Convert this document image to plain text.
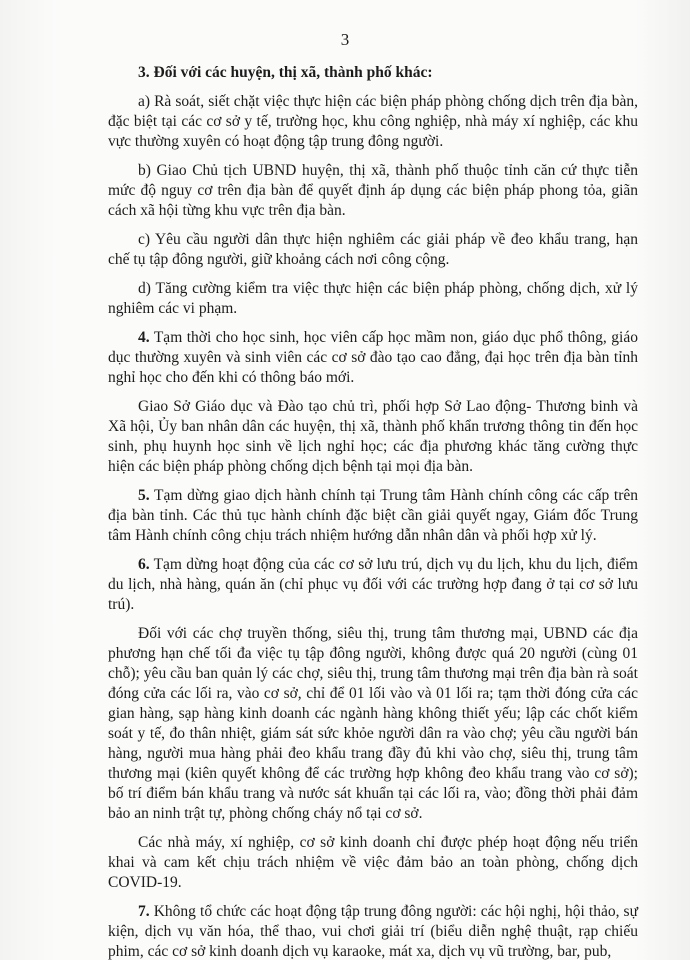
3

3. Đối với các huyện, thị xã, thành phố khác:

a) Rà soát, siết chặt việc thực hiện các biện pháp phòng chống dịch trên địa bàn, đặc biệt tại các cơ sở y tế, trường học, khu công nghiệp, nhà máy xí nghiệp, các khu vực thường xuyên có hoạt động tập trung đông người.

b) Giao Chủ tịch UBND huyện, thị xã, thành phố thuộc tỉnh căn cứ thực tiễn mức độ nguy cơ trên địa bàn để quyết định áp dụng các biện pháp phong tỏa, giãn cách xã hội từng khu vực trên địa bàn.

c) Yêu cầu người dân thực hiện nghiêm các giải pháp về đeo khẩu trang, hạn chế tụ tập đông người, giữ khoảng cách nơi công cộng.

d) Tăng cường kiểm tra việc thực hiện các biện pháp phòng, chống dịch, xử lý nghiêm các vi phạm.

4. Tạm thời cho học sinh, học viên cấp học mầm non, giáo dục phổ thông, giáo dục thường xuyên và sinh viên các cơ sở đào tạo cao đẳng, đại học trên địa bàn tỉnh nghỉ học cho đến khi có thông báo mới.

Giao Sở Giáo dục và Đào tạo chủ trì, phối hợp Sở Lao động- Thương binh và Xã hội, Ủy ban nhân dân các huyện, thị xã, thành phố khẩn trương thông tin đến học sinh, phụ huynh học sinh về lịch nghỉ học; các địa phương khác tăng cường thực hiện các biện pháp phòng chống dịch bệnh tại mọi địa bàn.

5. Tạm dừng giao dịch hành chính tại Trung tâm Hành chính công các cấp trên địa bàn tỉnh. Các thủ tục hành chính đặc biệt cần giải quyết ngay, Giám đốc Trung tâm Hành chính công chịu trách nhiệm hướng dẫn nhân dân và phối hợp xử lý.

6. Tạm dừng hoạt động của các cơ sở lưu trú, dịch vụ du lịch, khu du lịch, điểm du lịch, nhà hàng, quán ăn (chỉ phục vụ đối với các trường hợp đang ở tại cơ sở lưu trú).

Đối với các chợ truyền thống, siêu thị, trung tâm thương mại, UBND các địa phương hạn chế tối đa việc tụ tập đông người, không được quá 20 người (cùng 01 chỗ); yêu cầu ban quản lý các chợ, siêu thị, trung tâm thương mại trên địa bàn rà soát đóng cửa các lối ra, vào cơ sở, chỉ để 01 lối vào và 01 lối ra; tạm thời đóng cửa các gian hàng, sạp hàng kinh doanh các ngành hàng không thiết yếu; lập các chốt kiểm soát y tế, đo thân nhiệt, giám sát sức khỏe người dân ra vào chợ; yêu cầu người bán hàng, người mua hàng phải đeo khẩu trang đầy đủ khi vào chợ, siêu thị, trung tâm thương mại (kiên quyết không để các trường hợp không đeo khẩu trang vào cơ sở); bố trí điểm bán khẩu trang và nước sát khuẩn tại các lối ra, vào; đồng thời phải đảm bảo an ninh trật tự, phòng chống cháy nổ tại cơ sở.

Các nhà máy, xí nghiệp, cơ sở kinh doanh chỉ được phép hoạt động nếu triển khai và cam kết chịu trách nhiệm về việc đảm bảo an toàn phòng, chống dịch COVID-19.

7. Không tổ chức các hoạt động tập trung đông người: các hội nghị, hội thảo, sự kiện, dịch vụ văn hóa, thể thao, vui chơi giải trí (biểu diễn nghệ thuật, rạp chiếu phim, các cơ sở kinh doanh dịch vụ karaoke, mát xa, dịch vụ vũ trường, bar, pub,
